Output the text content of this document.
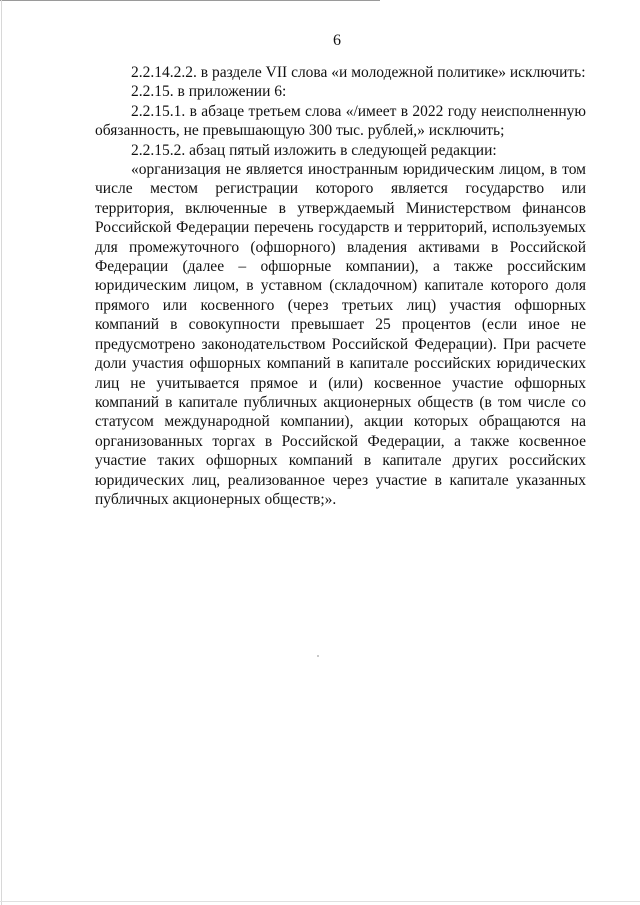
6

2.2.14.2.2. в разделе VII слова «и молодежной политике» исключить:

2.2.15. в приложении 6:

2.2.15.1. в абзаце третьем слова «/имеет в 2022 году неисполненную обязанность, не превышающую 300 тыс. рублей,» исключить;

2.2.15.2. абзац пятый изложить в следующей редакции:

«организация не является иностранным юридическим лицом, в том числе местом регистрации которого является государство или территория, включенные в утверждаемый Министерством финансов Российской Федерации перечень государств и территорий, используемых для промежуточного (офшорного) владения активами в Российской Федерации (далее – офшорные компании), а также российским юридическим лицом, в уставном (складочном) капитале которого доля прямого или косвенного (через третьих лиц) участия офшорных компаний в совокупности превышает 25 процентов (если иное не предусмотрено законодательством Российской Федерации). При расчете доли участия офшорных компаний в капитале российских юридических лиц не учитывается прямое и (или) косвенное участие офшорных компаний в капитале публичных акционерных обществ (в том числе со статусом международной компании), акции которых обращаются на организованных торгах в Российской Федерации, а также косвенное участие таких офшорных компаний в капитале других российских юридических лиц, реализованное через участие в капитале указанных публичных акционерных обществ;».
